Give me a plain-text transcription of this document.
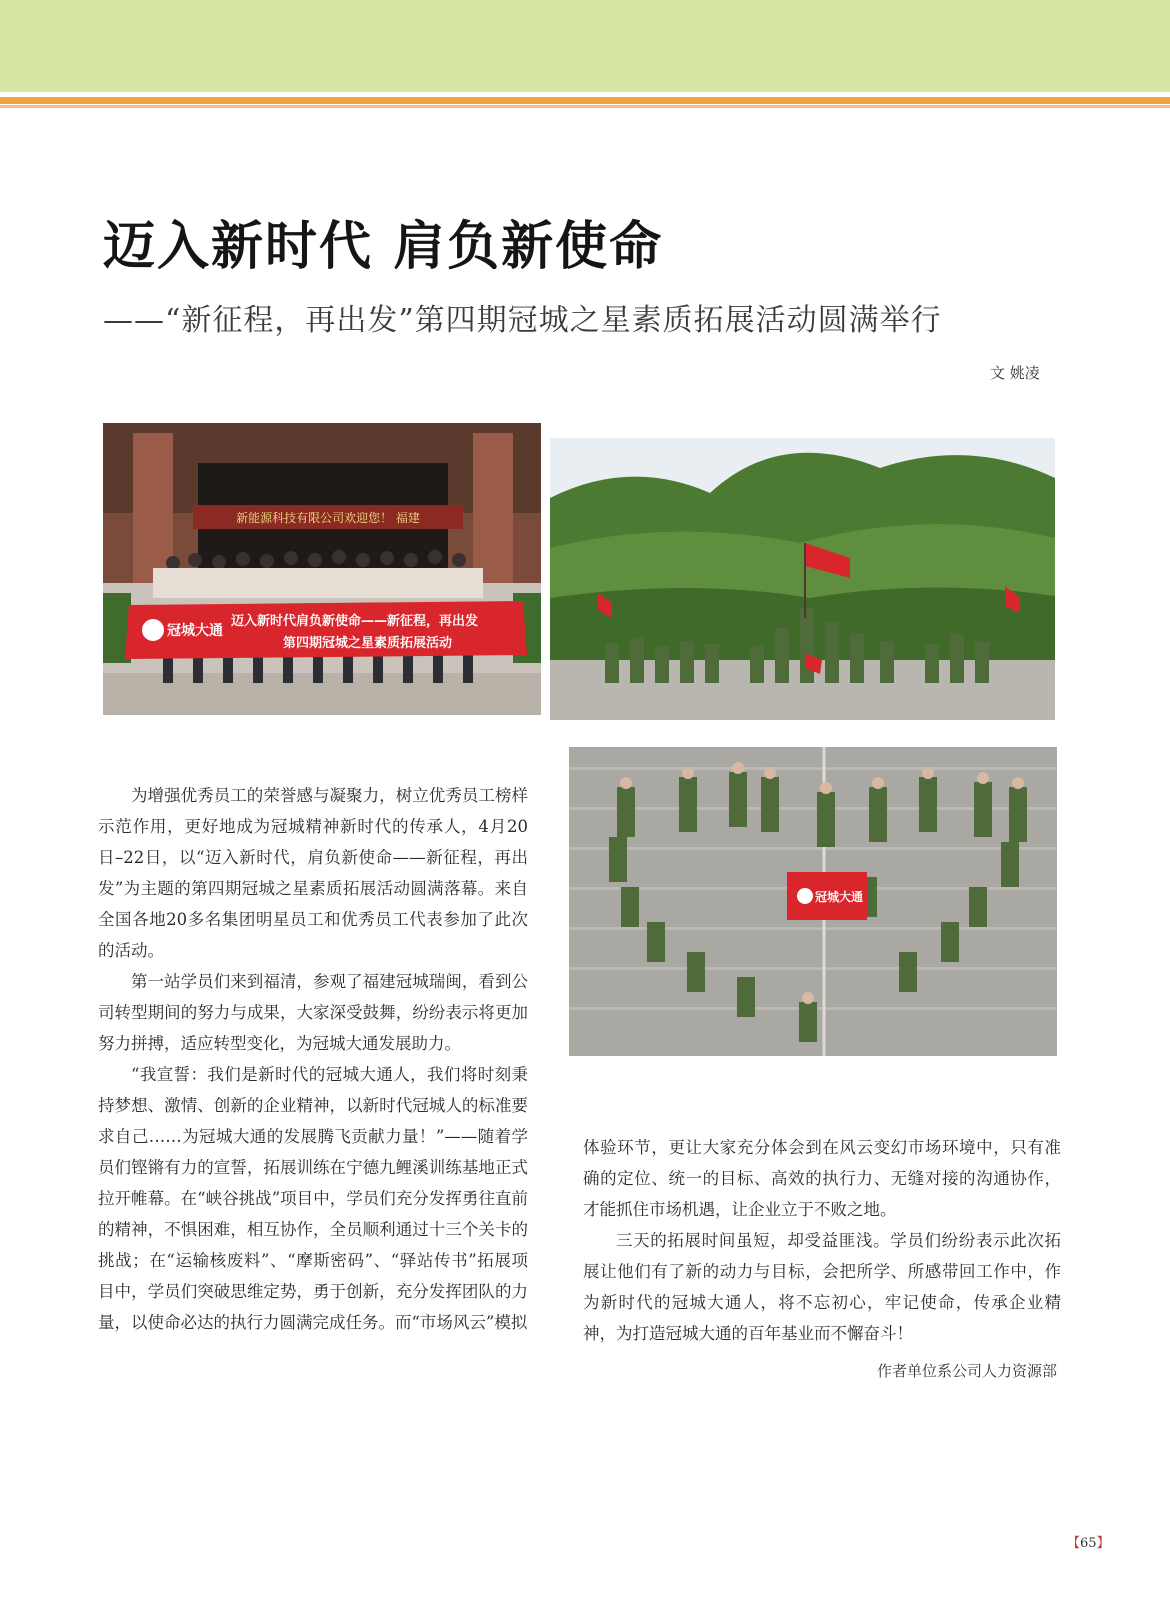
迈入新时代 肩负新使命
——“新征程，再出发”第四期冠城之星素质拓展活动圆满举行
文 姚凌
新能源科技有限公司欢迎您！ 福建
冠城大通
迈入新时代肩负新使命——新征程，再出发
第四期冠城之星素质拓展活动
冠城大通

为增强优秀员工的荣誉感与凝聚力，树立优秀员工榜样示范作用，更好地成为冠城精神新时代的传承人，4月20日–22日，以“迈入新时代，肩负新使命——新征程，再出发”为主题的第四期冠城之星素质拓展活动圆满落幕。来自全国各地20多名集团明星员工和优秀员工代表参加了此次的活动。

第一站学员们来到福清，参观了福建冠城瑞闽，看到公司转型期间的努力与成果，大家深受鼓舞，纷纷表示将更加努力拼搏，适应转型变化，为冠城大通发展助力。

“我宣誓：我们是新时代的冠城大通人，我们将时刻秉持梦想、激情、创新的企业精神，以新时代冠城人的标准要求自己……为冠城大通的发展腾飞贡献力量！”——随着学员们铿锵有力的宣誓，拓展训练在宁德九鲤溪训练基地正式拉开帷幕。在“峡谷挑战”项目中，学员们充分发挥勇往直前的精神，不惧困难，相互协作，全员顺利通过十三个关卡的挑战；在“运输核废料”、“摩斯密码”、“驿站传书”拓展项目中，学员们突破思维定势，勇于创新，充分发挥团队的力量，以使命必达的执行力圆满完成任务。而“市场风云”模拟

体验环节，更让大家充分体会到在风云变幻市场环境中，只有准确的定位、统一的目标、高效的执行力、无缝对接的沟通协作，才能抓住市场机遇，让企业立于不败之地。

三天的拓展时间虽短，却受益匪浅。学员们纷纷表示此次拓展让他们有了新的动力与目标，会把所学、所感带回工作中，作为新时代的冠城大通人，将不忘初心，牢记使命，传承企业精神，为打造冠城大通的百年基业而不懈奋斗！

作者单位系公司人力资源部
【65】
